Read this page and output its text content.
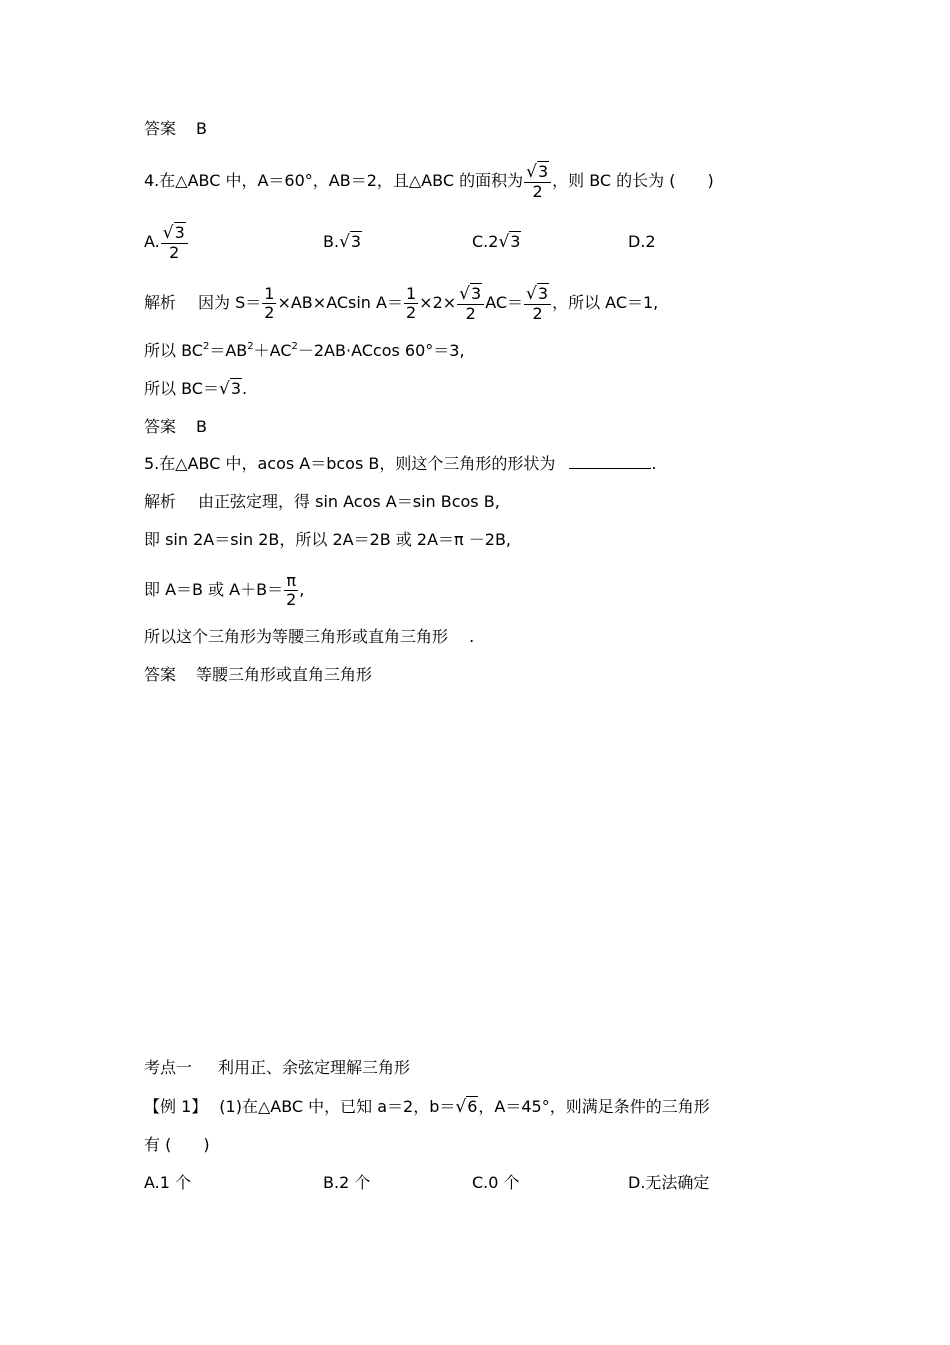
答案 B
4.在△ABC 中，A＝60°，AB＝2，且△ABC 的面积为 $\frac{√3}{2}$ ，则 BC 的长为 (　　)
A. $\frac{√3}{2}$	B.√3	C.2√3	D.2
解析 因为 $S= \frac{1}{2} \times AB\times ACsin$ $A= \frac{1}{2} \times 2\times \frac{√3}{2} AC= \frac{√3}{2}$ ，所以 AC＝1,
所以 $BC^2=AB^2+AC^2-2AB\cdot ACcos$ 60°＝3,
所以 BC＝√3.
答案 B
5.在△ABC 中，acos A＝bcos B，则这个三角形的形状为	.
解析 由正弦定理，得 sin Acos A＝sin Bcos B,
即 sin 2A＝sin 2B，所以 2A＝2B 或 2A＝π －2B,
即 A＝B 或 $A+B= \frac{\pi}{2}$ ,
所以这个三角形为等腰三角形或直角三角形　 .
答案 等腰三角形或直角三角形
考点一 利用正、余弦定理解三角形
【例 1】 (1)在△ABC 中，已知 a＝2，b＝√6，A＝45°，则满足条件的三角形
有 (　　)
A.1 个	B.2 个	C.0 个	D.无法确定
